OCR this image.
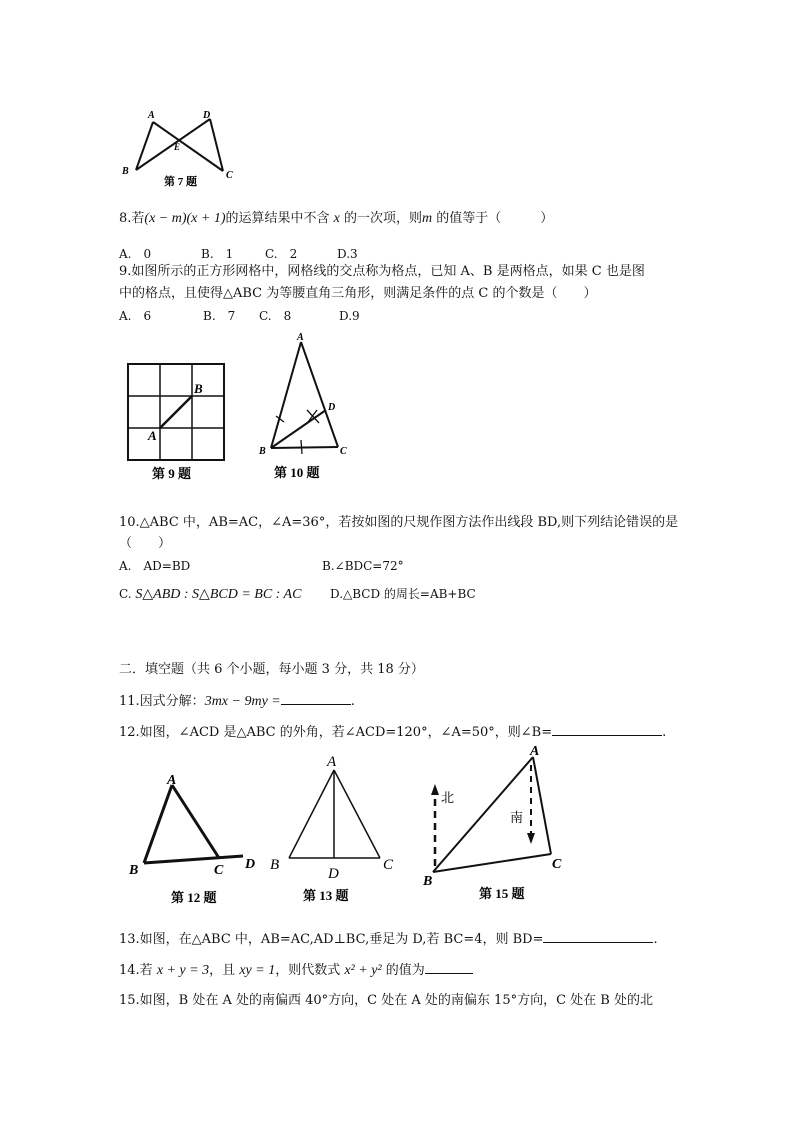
A	D
E
B	C
第 7 题
8.若(x − m)(x + 1)的运算结果中不含 x 的一次项，则m 的值等于（　　　）
A.　0	B.　1	C.　2	D.3
9.如图所示的正方形网格中，网格线的交点称为格点，已知 A、B 是两格点，如果 C 也是图
中的格点，且使得△ABC 为等腰直角三角形，则满足条件的点 C 的个数是（　　）
A.　6	B.　7 C.　8	D.9
B
A
第 9 题
A
D
B	C
第 10 题
10.△ABC 中，AB=AC，∠A=36°，若按如图的尺规作图方法作出线段 BD,则下列结论错误的是
（　　）
A.　AD=BD	B.∠BDC=72°
C. S△ABD : S△BCD = BC : AC D.△BCD 的周长=AB+BC
二．填空题（共 6 个小题，每小题 3 分，共 18 分）
11.因式分解：3mx − 9my =	.
12.如图，∠ACD 是△ABC 的外角，若∠ACD=120°，∠A=50°，则∠B=	.
A
B	C D
第 12 题
A
B
D
C
第 13 题
A
北
南
B
C
第 15 题
13.如图，在△ABC 中，AB=AC,AD⊥BC,垂足为 D,若 BC=4，则 BD=	.
14.若 x + y = 3，且 xy = 1，则代数式 x² + y² 的值为
15.如图，B 处在 A 处的南偏西 40°方向，C 处在 A 处的南偏东 15°方向，C 处在 B 处的北
